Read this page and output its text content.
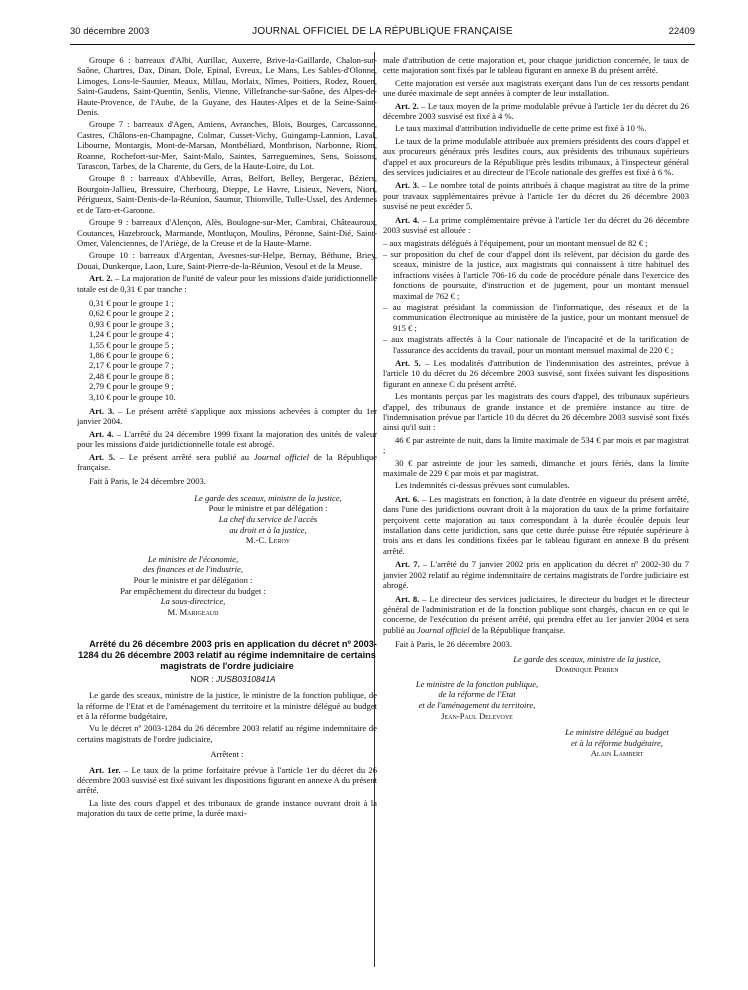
30 décembre 2003	JOURNAL OFFICIEL DE LA RÉPUBLIQUE FRANÇAISE	22409

Groupe 6 : barreaux d'Albi, Aurillac, Auxerre, Brive-la-Gaillarde, Chalon-sur-Saône, Chartres, Dax, Dinan, Dole, Epinal, Evreux, Le Mans, Les Sables-d'Olonne, Limoges, Lons-le-Saunier, Meaux, Millau, Morlaix, Nîmes, Poitiers, Rodez, Rouen, Saint-Gaudens, Saint-Quentin, Senlis, Vienne, Villefranche-sur-Saône, des Alpes-de-Haute-Provence, de l'Aube, de la Guyane, des Hautes-Alpes et de la Seine-Saint-Denis.

Groupe 7 : barreaux d'Agen, Amiens, Avranches, Blois, Bourges, Carcassonne, Castres, Châlons-en-Champagne, Colmar, Cusset-Vichy, Guingamp-Lannion, Laval, Libourne, Montargis, Mont-de-Marsan, Montbéliard, Montbrison, Narbonne, Riom, Roanne, Rochefort-sur-Mer, Saint-Malo, Saintes, Sarreguemines, Sens, Soissons, Tarascon, Tarbes, de la Charente, du Gers, de la Haute-Loire, du Lot.

Groupe 8 : barreaux d'Abbeville, Arras, Belfort, Belley, Bergerac, Béziers, Bourgoin-Jallieu, Bressuire, Cherbourg, Dieppe, Le Havre, Lisieux, Nevers, Niort, Périgueux, Saint-Denis-de-la-Réunion, Saumur, Thionville, Tulle-Ussel, des Ardennes et de Tarn-et-Garonne.

Groupe 9 : barreaux d'Alençon, Alès, Boulogne-sur-Mer, Cambrai, Châteauroux, Coutances, Hazebrouck, Marmande, Montluçon, Moulins, Péronne, Saint-Dié, Saint-Omer, Valenciennes, de l'Ariège, de la Creuse et de la Haute-Marne.

Groupe 10 : barreaux d'Argentan, Avesnes-sur-Helpe, Bernay, Béthune, Briey, Douai, Dunkerque, Laon, Lure, Saint-Pierre-de-la-Réunion, Vesoul et de la Meuse.

Art. 2. – La majoration de l'unité de valeur pour les missions d'aide juridictionnelle totale est de 0,31 € par tranche :

0,31 € pour le groupe 1 ;
0,62 € pour le groupe 2 ;
0,93 € pour le groupe 3 ;
1,24 € pour le groupe 4 ;
1,55 € pour le groupe 5 ;
1,86 € pour le groupe 6 ;
2,17 € pour le groupe 7 ;
2,48 € pour le groupe 8 ;
2,79 € pour le groupe 9 ;
3,10 € pour le groupe 10.

Art. 3. – Le présent arrêté s'applique aux missions achevées à compter du 1er janvier 2004.

Art. 4. – L'arrêté du 24 décembre 1999 fixant la majoration des unités de valeur pour les missions d'aide juridictionnelle totale est abrogé.

Art. 5. – Le présent arrêté sera publié au Journal officiel de la République française.

Fait à Paris, le 24 décembre 2003.

Le garde des sceaux, ministre de la justice,

Pour le ministre et par délégation :

La chef du service de l'accès

au droit et à la justice,

M.-C. Leroy

Le ministre de l'économie,

des finances et de l'industrie,

Pour le ministre et par délégation :

Par empêchement du directeur du budget :

La sous-directrice,

M. Marigeaud

Arrêté du 26 décembre 2003 pris en application du décret nº 2003-1284 du 26 décembre 2003 relatif au régime indemnitaire de certains magistrats de l'ordre judiciaire

NOR : JUSB0310841A

Le garde des sceaux, ministre de la justice, le ministre de la fonction publique, de la réforme de l'Etat et de l'aménagement du territoire et la ministre délégué au budget et à la réforme budgétaire,

Vu le décret nº 2003-1284 du 26 décembre 2003 relatif au régime indemnitaire de certains magistrats de l'ordre judiciaire,

Arrêtent :

Art. 1er. – Le taux de la prime forfaitaire prévue à l'article 1er du décret du 26 décembre 2003 susvisé est fixé suivant les dispositions figurant en annexe A du présent arrêté.

La liste des cours d'appel et des tribunaux de grande instance ouvrant droit à la majoration du taux de cette prime, la durée maxi-

male d'attribution de cette majoration et, pour chaque juridiction concernée, le taux de cette majoration sont fixés par le tableau figurant en annexe B du présent arrêté.

Cette majoration est versée aux magistrats exerçant dans l'un de ces ressorts pendant une durée maximale de sept années à compter de leur installation.

Art. 2. – Le taux moyen de la prime modulable prévue à l'article 1er du décret du 26 décembre 2003 susvisé est fixé à 4 %.

Le taux maximal d'attribution individuelle de cette prime est fixé à 10 %.

Le taux de la prime modulable attribuée aux premiers présidents des cours d'appel et aux procureurs généraux près lesdites cours, aux présidents des tribunaux supérieurs d'appel et aux procureurs de la République près lesdits tribunaux, à l'inspecteur général des services judiciaires et au directeur de l'Ecole nationale des greffes est fixé à 6 %.

Art. 3. – Le nombre total de points attribués à chaque magistrat au titre de la prime pour travaux supplémentaires prévue à l'article 1er du décret du 26 décembre 2003 susvisé ne peut excéder 5.

Art. 4. – La prime complémentaire prévue à l'article 1er du décret du 26 décembre 2003 susvisé est allouée :

– aux magistrats délégués à l'équipement, pour un montant mensuel de 82 € ;
– sur proposition du chef de cour d'appel dont ils relèvent, par décision du garde des sceaux, ministre de la justice, aux magistrats qui connaissent à titre habituel des infractions visées à l'article 706-16 du code de procédure pénale dans l'exercice des fonctions de poursuite, d'instruction et de jugement, pour un montant mensuel maximal de 762 € ;
– au magistrat présidant la commission de l'informatique, des réseaux et de la communication électronique au ministère de la justice, pour un montant mensuel de 915 € ;
– aux magistrats affectés à la Cour nationale de l'incapacité et de la tarification de l'assurance des accidents du travail, pour un montant mensuel maximal de 220 € ;

Art. 5. – Les modalités d'attribution de l'indemnisation des astreintes, prévue à l'article 10 du décret du 26 décembre 2003 susvisé, sont fixées suivant les dispositions figurant en annexe C du présent arrêté.

Les montants perçus par les magistrats des cours d'appel, des tribunaux supérieurs d'appel, des tribunaux de grande instance et de première instance au titre de l'indemnisation prévue par l'article 10 du décret du 26 décembre 2003 susvisé sont fixés ainsi qu'il suit :

46 € par astreinte de nuit, dans la limite maximale de 534 € par mois et par magistrat ;

30 € par astreinte de jour les samedi, dimanche et jours fériés, dans la limite maximale de 229 € par mois et par magistrat.

Les indemnités ci-dessus prévues sont cumulables.

Art. 6. – Les magistrats en fonction, à la date d'entrée en vigueur du présent arrêté, dans l'une des juridictions ouvrant droit à la majoration du taux de la prime forfaitaire perçoivent cette majoration au taux correspondant à la durée écoulée depuis leur installation dans cette juridiction, sans que cette durée puisse être réputée supérieure à trois ans et dans les conditions fixées par le tableau figurant en annexe B du présent arrêté.

Art. 7. – L'arrêté du 7 janvier 2002 pris en application du décret nº 2002-30 du 7 janvier 2002 relatif au régime indemnitaire de certains magistrats de l'ordre judiciaire est abrogé.

Art. 8. – Le directeur des services judiciaires, le directeur du budget et le directeur général de l'administration et de la fonction publique sont chargés, chacun en ce qui le concerne, de l'exécution du présent arrêté, qui prendra effet au 1er janvier 2004 et sera publié au Journal officiel de la République française.

Fait à Paris, le 26 décembre 2003.

Le garde des sceaux, ministre de la justice,

Dominique Perben

Le ministre de la fonction publique,

de la réforme de l'Etat

et de l'aménagement du territoire,

Jean-Paul Delevoye

Le ministre délégué au budget

et à la réforme budgétaire,

Alain Lambert
